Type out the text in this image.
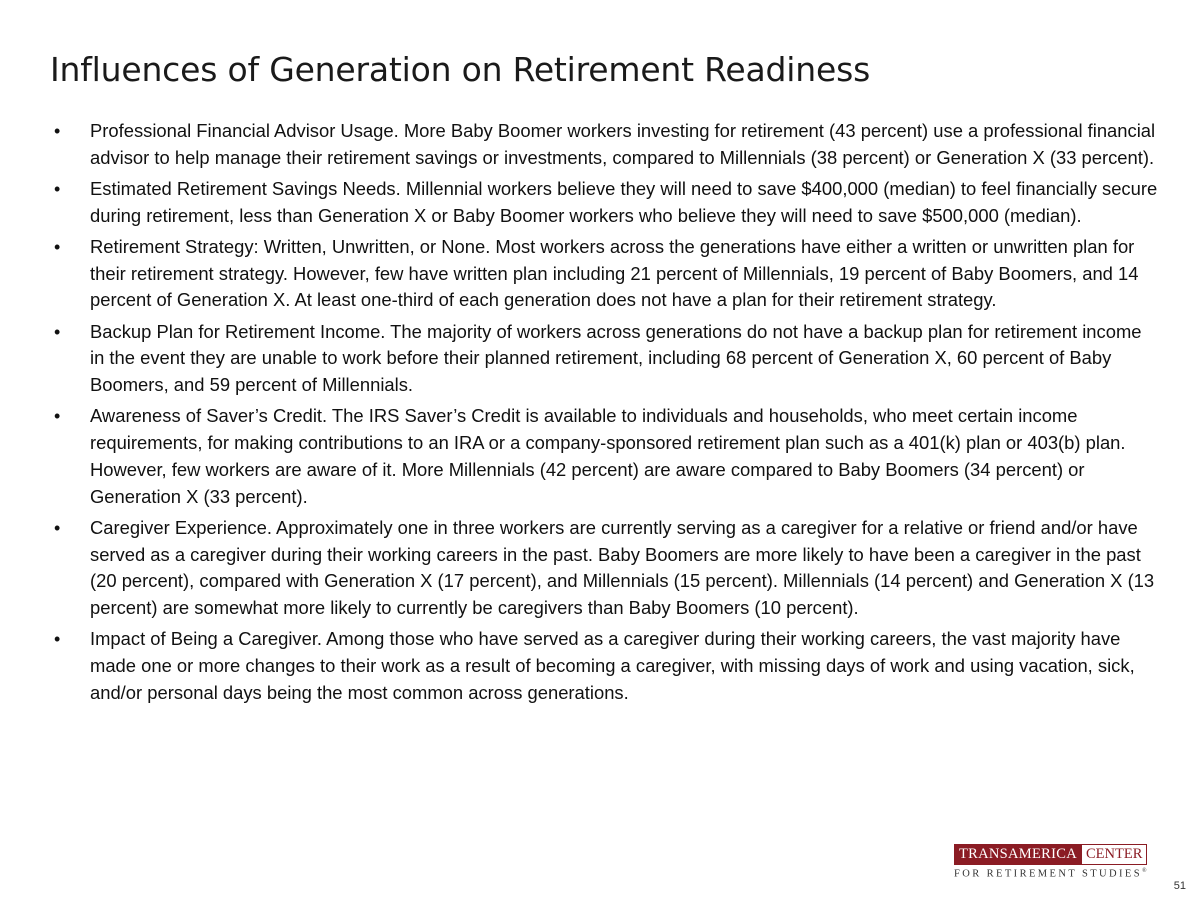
Influences of Generation on Retirement Readiness
• Professional Financial Advisor Usage. More Baby Boomer workers investing for retirement (43 percent) use a professional financial advisor to help manage their retirement savings or investments, compared to Millennials (38 percent) or Generation X (33 percent).
• Estimated Retirement Savings Needs. Millennial workers believe they will need to save $400,000 (median) to feel financially secure during retirement, less than Generation X or Baby Boomer workers who believe they will need to save $500,000 (median).
• Retirement Strategy: Written, Unwritten, or None. Most workers across the generations have either a written or unwritten plan for their retirement strategy. However, few have written plan including 21 percent of Millennials, 19 percent of Baby Boomers, and 14 percent of Generation X. At least one-third of each generation does not have a plan for their retirement strategy.
• Backup Plan for Retirement Income. The majority of workers across generations do not have a backup plan for retirement income in the event they are unable to work before their planned retirement, including 68 percent of Generation X, 60 percent of Baby Boomers, and 59 percent of Millennials.
• Awareness of Saver’s Credit. The IRS Saver’s Credit is available to individuals and households, who meet certain income requirements, for making contributions to an IRA or a company-sponsored retirement plan such as a 401(k) plan or 403(b) plan. However, few workers are aware of it. More Millennials (42 percent) are aware compared to Baby Boomers (34 percent) or Generation X (33 percent).
• Caregiver Experience. Approximately one in three workers are currently serving as a caregiver for a relative or friend and/or have served as a caregiver during their working careers in the past. Baby Boomers are more likely to have been a caregiver in the past (20 percent), compared with Generation X (17 percent), and Millennials (15 percent). Millennials (14 percent) and Generation X (13 percent) are somewhat more likely to currently be caregivers than Baby Boomers (10 percent).
• Impact of Being a Caregiver. Among those who have served as a caregiver during their working careers, the vast majority have made one or more changes to their work as a result of becoming a caregiver, with missing days of work and using vacation, sick, and/or personal days being the most common across generations.
TRANSAMERICA CENTER
FOR RETIREMENT STUDIES®
51
